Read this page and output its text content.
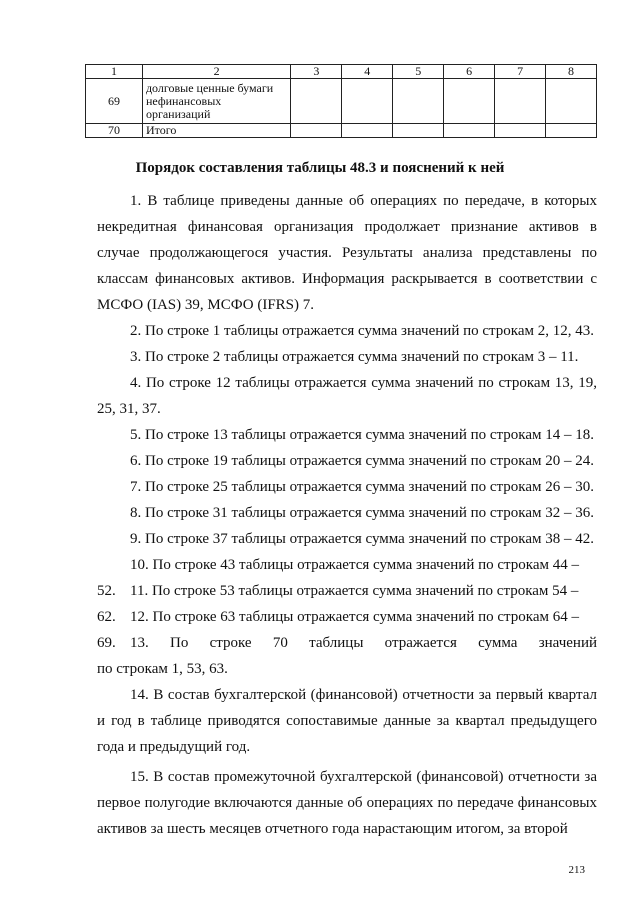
1	2	3	4	5	6	7	8
69	долговые ценные бумаги нефинансовых организаций						
70	Итого						
Порядок составления таблицы 48.3 и пояснений к ней

1. В таблице приведены данные об операциях по передаче, в которых некредитная финансовая организация продолжает признание активов в случае продолжающегося участия. Результаты анализа представлены по классам финансовых активов. Информация раскрывается в соответствии с МСФО (IAS) 39, МСФО (IFRS) 7.

2. По строке 1 таблицы отражается сумма значений по строкам 2, 12, 43.

3. По строке 2 таблицы отражается сумма значений по строкам 3 – 11.

4. По строке 12 таблицы отражается сумма значений по строкам 13, 19,

25, 31, 37.

5. По строке 13 таблицы отражается сумма значений по строкам 14 – 18.

6. По строке 19 таблицы отражается сумма значений по строкам 20 – 24.

7. По строке 25 таблицы отражается сумма значений по строкам 26 – 30.

8. По строке 31 таблицы отражается сумма значений по строкам 32 – 36.

9. По строке 37 таблицы отражается сумма значений по строкам 38 – 42.

10. По строке 43 таблицы отражается сумма значений по строкам 44 – 52. 11. По строке 53 таблицы отражается сумма значений по строкам 54 – 62. 12. По строке 63 таблицы отражается сумма значений по строкам 64 – 69. 13. По строке 70 таблицы отражается сумма значений

по строкам 1, 53, 63.

14. В состав бухгалтерской (финансовой) отчетности за первый квартал и год в таблице приводятся сопоставимые данные за квартал предыдущего года и предыдущий год.

15. В состав промежуточной бухгалтерской (финансовой) отчетности за первое полугодие включаются данные об операциях по передаче финансовых активов за шесть месяцев отчетного года нарастающим итогом, за второй

213
